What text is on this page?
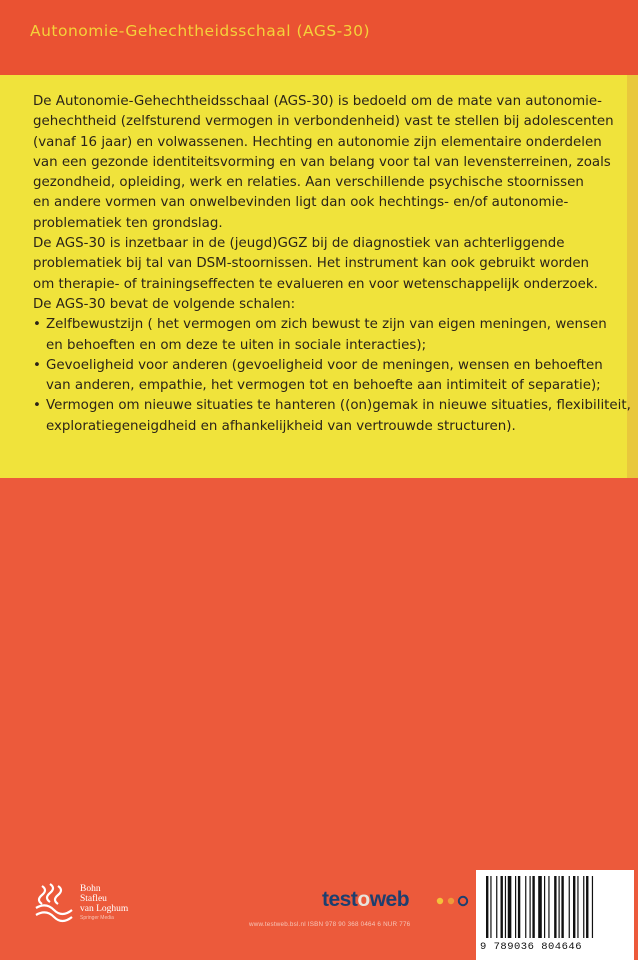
Autonomie-Gehechtheidsschaal (AGS-30)

De Autonomie-Gehechtheidsschaal (AGS-30) is bedoeld om de mate van autonomie-

gehechtheid (zelfsturend vermogen in verbondenheid) vast te stellen bij adolescenten

(vanaf 16 jaar) en volwassenen. Hechting en autonomie zijn elementaire onderdelen

van een gezonde identiteitsvorming en van belang voor tal van levensterreinen, zoals

gezondheid, opleiding, werk en relaties. Aan verschillende psychische stoornissen

en andere vormen van onwelbevinden ligt dan ook hechtings- en/of autonomie-

problematiek ten grondslag.

De AGS-30 is inzetbaar in de (jeugd)GGZ bij de diagnostiek van achterliggende

problematiek bij tal van DSM-stoornissen. Het instrument kan ook gebruikt worden

om therapie- of trainingseffecten te evalueren en voor wetenschappelijk onderzoek.

De AGS-30 bevat de volgende schalen:

• Zelfbewustzijn ( het vermogen om zich bewust te zijn van eigen meningen, wensen

en behoeften en om deze te uiten in sociale interacties);

• Gevoeligheid voor anderen (gevoeligheid voor de meningen, wensen en behoeften

van anderen, empathie, het vermogen tot en behoefte aan intimiteit of separatie);

• Vermogen om nieuwe situaties te hanteren ((on)gemak in nieuwe situaties, flexibiliteit,

exploratiegeneigdheid en afhankelijkheid van vertrouwde structuren).

Bohn
Stafleu
van Loghum
Springer Media
testoweb
www.testweb.bsl.nl ISBN 978 90 368 0464 6 NUR 776
9 789036 804646
